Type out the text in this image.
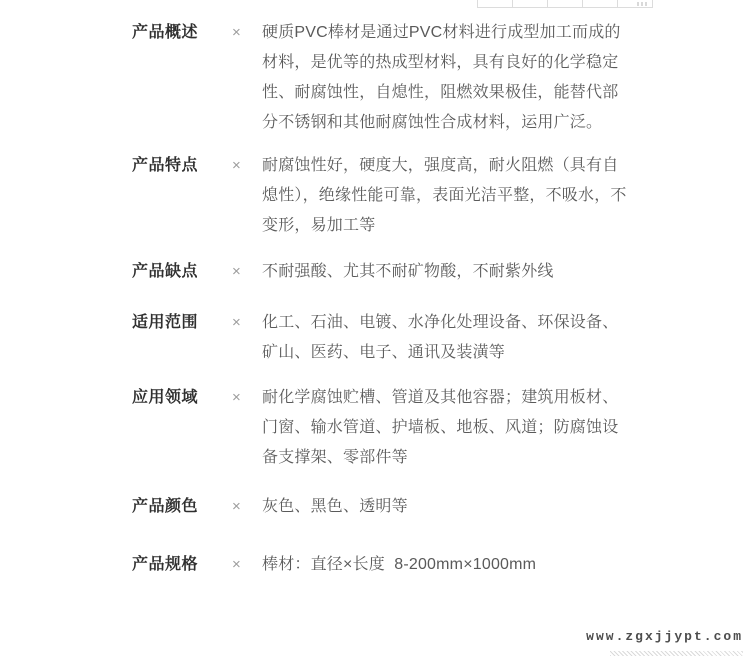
产品概述	×	硬质PVC棒材是通过PVC材料进行成型加工而成的材料，是优等的热成型材料，具有良好的化学稳定性、耐腐蚀性，自熄性，阻燃效果极佳，能替代部分不锈钢和其他耐腐蚀性合成材料，运用广泛。
产品特点	×	耐腐蚀性好，硬度大，强度高，耐火阻燃（具有自熄性），绝缘性能可靠，表面光洁平整，不吸水，不变形，易加工等
产品缺点	×	不耐强酸、尤其不耐矿物酸，不耐紫外线
适用范围	×	化工、石油、电镀、水净化处理设备、环保设备、矿山、医药、电子、通讯及装潢等
应用领域	×	耐化学腐蚀贮槽、管道及其他容器；建筑用板材、门窗、输水管道、护墙板、地板、风道；防腐蚀设备支撑架、零部件等
产品颜色	×	灰色、黑色、透明等
产品规格	×	棒材：直径×长度  8-200mm×1000mm
www.zgxjjypt.com
